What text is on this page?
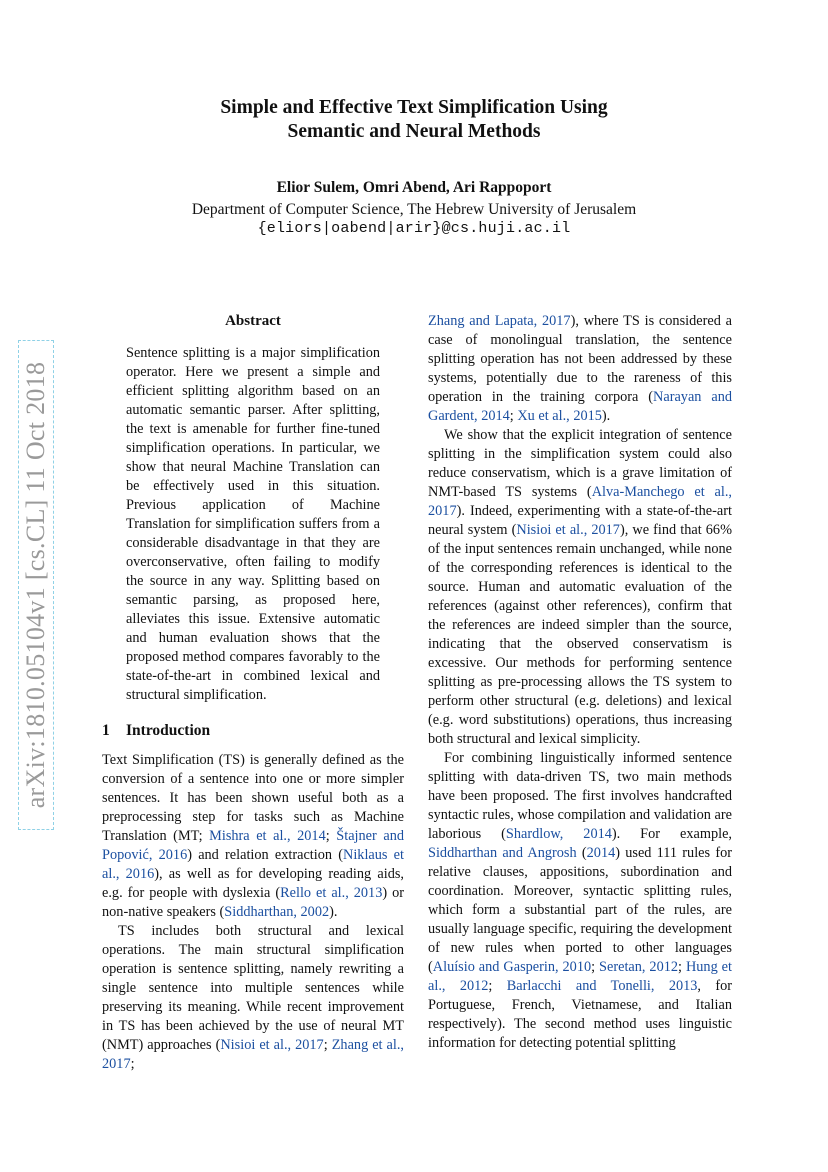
arXiv:1810.05104v1 [cs.CL] 11 Oct 2018
Simple and Effective Text Simplification Using
Semantic and Neural Methods
Elior Sulem, Omri Abend, Ari Rappoport
Department of Computer Science, The Hebrew University of Jerusalem
{eliors|oabend|arir}@cs.huji.ac.il
Abstract

Sentence splitting is a major simplification operator. Here we present a simple and efficient splitting algorithm based on an automatic semantic parser. After splitting, the text is amenable for further fine-tuned simplification operations. In particular, we show that neural Machine Translation can be effectively used in this situation. Previous application of Machine Translation for simplification suffers from a considerable disadvantage in that they are overconservative, often failing to modify the source in any way. Splitting based on semantic parsing, as proposed here, alleviates this issue. Extensive automatic and human evaluation shows that the proposed method compares favorably to the state-of-the-art in combined lexical and structural simplification.

1 Introduction

Text Simplification (TS) is generally defined as the conversion of a sentence into one or more simpler sentences. It has been shown useful both as a preprocessing step for tasks such as Machine Translation (MT; Mishra et al., 2014; Štajner and Popović, 2016) and relation extraction (Niklaus et al., 2016), as well as for developing reading aids, e.g. for people with dyslexia (Rello et al., 2013) or non-native speakers (Siddharthan, 2002).

TS includes both structural and lexical operations. The main structural simplification operation is sentence splitting, namely rewriting a single sentence into multiple sentences while preserving its meaning. While recent improvement in TS has been achieved by the use of neural MT (NMT) approaches (Nisioi et al., 2017; Zhang et al., 2017;

Zhang and Lapata, 2017), where TS is considered a case of monolingual translation, the sentence splitting operation has not been addressed by these systems, potentially due to the rareness of this operation in the training corpora (Narayan and Gardent, 2014; Xu et al., 2015).

We show that the explicit integration of sentence splitting in the simplification system could also reduce conservatism, which is a grave limitation of NMT-based TS systems (Alva-Manchego et al., 2017). Indeed, experimenting with a state-of-the-art neural system (Nisioi et al., 2017), we find that 66% of the input sentences remain unchanged, while none of the corresponding references is identical to the source. Human and automatic evaluation of the references (against other references), confirm that the references are indeed simpler than the source, indicating that the observed conservatism is excessive. Our methods for performing sentence splitting as pre-processing allows the TS system to perform other structural (e.g. deletions) and lexical (e.g. word substitutions) operations, thus increasing both structural and lexical simplicity.

For combining linguistically informed sentence splitting with data-driven TS, two main methods have been proposed. The first involves handcrafted syntactic rules, whose compilation and validation are laborious (Shardlow, 2014). For example, Siddharthan and Angrosh (2014) used 111 rules for relative clauses, appositions, subordination and coordination. Moreover, syntactic splitting rules, which form a substantial part of the rules, are usually language specific, requiring the development of new rules when ported to other languages (Aluísio and Gasperin, 2010; Seretan, 2012; Hung et al., 2012; Barlacchi and Tonelli, 2013, for Portuguese, French, Vietnamese, and Italian respectively). The second method uses linguistic information for detecting potential splitting
